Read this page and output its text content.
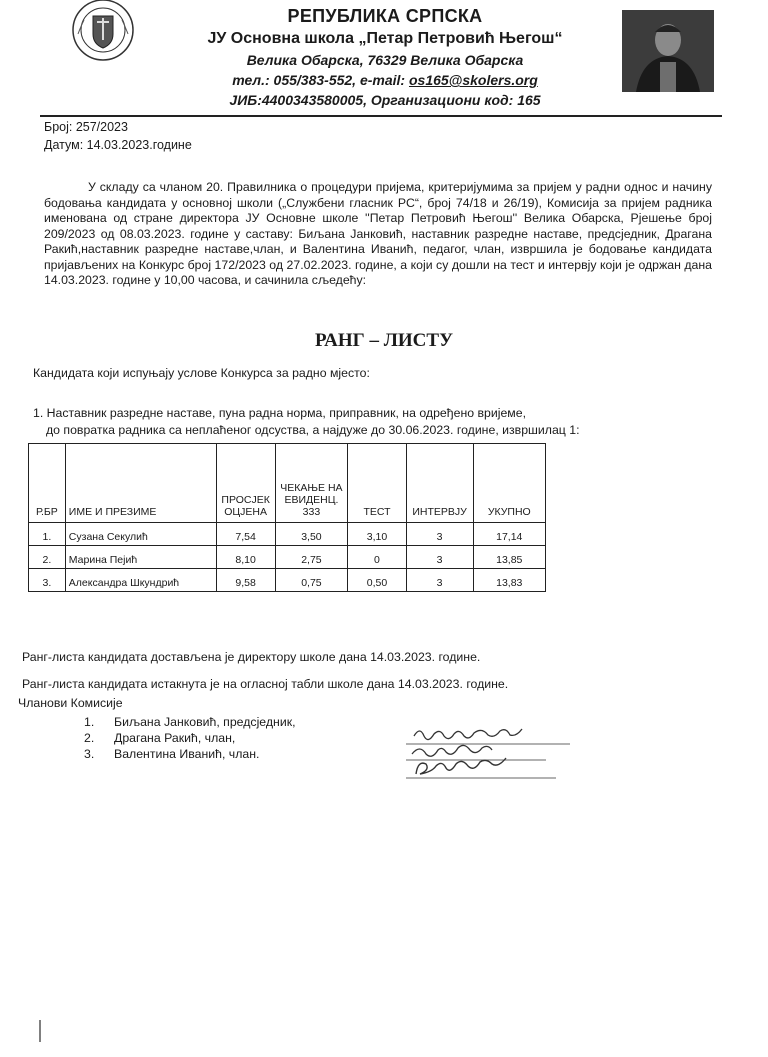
РЕПУБЛИКА СРПСКА
ЈУ Основна школа „Петар Петровић Његош“
Велика Обарска, 76329 Велика Обарска
тел.: 055/383-552, e-mail: os165@skolers.org
ЈИБ:4400343580005, Организациони код: 165
Број: 257/2023
Датум: 14.03.2023.године

У складу са чланом 20. Правилника о процедури пријема, критеријумима за пријем у радни однос и начину бодовања кандидата у основној школи („Службени гласник РС“, број 74/18 и 26/19), Комисија за пријем радника именована од стране директора ЈУ Основне школе ''Петар Петровић Његош'' Велика Обарска, Рјешење број 209/2023 од 08.03.2023. године у саставу: Биљана Јанковић, наставник разредне наставе, предсједник, Драгана Ракић,наставник разредне наставе,члан, и Валентина Иванић, педагог, члан, извршила је бодовање кандидата пријављених на Конкурс број 172/2023 од 27.02.2023. године, а који су дошли на тест и интервју који је одржан дана 14.03.2023. године у 10,00 часова, и сачинила сљедећу:

РАНГ – ЛИСТУ
Кандидата који испуњају услове Конкурса за радно мјесто:
1. Наставник разредне наставе, пуна радна норма, приправник, на одређено вријеме,
до повратка радника са неплаћеног одсуства, а најдуже до 30.06.2023. године, извршилац 1:
Р.БР	ИМЕ И ПРЕЗИМЕ	ПРОСЈЕК ОЦЈЕНА	ЧЕКАЊЕ НА ЕВИДЕНЦ. 333	ТЕСТ	ИНТЕРВЈУ	УКУПНО
1.	Сузана Секулић	7,54	3,50	3,10	3	17,14
2.	Марина Пејић	8,10	2,75	0	3	13,85
3.	Александра Шкундрић	9,58	0,75	0,50	3	13,83
Ранг-листа кандидата достављена је директору школе дана 14.03.2023. године.
Ранг-листа кандидата истакнута је на огласној табли школе дана 14.03.2023. године.
Чланови Комисије
1.	Биљана Јанковић, предсједник,
2.	Драгана Ракић, члан,
3.	Валентина Иванић, члан.
